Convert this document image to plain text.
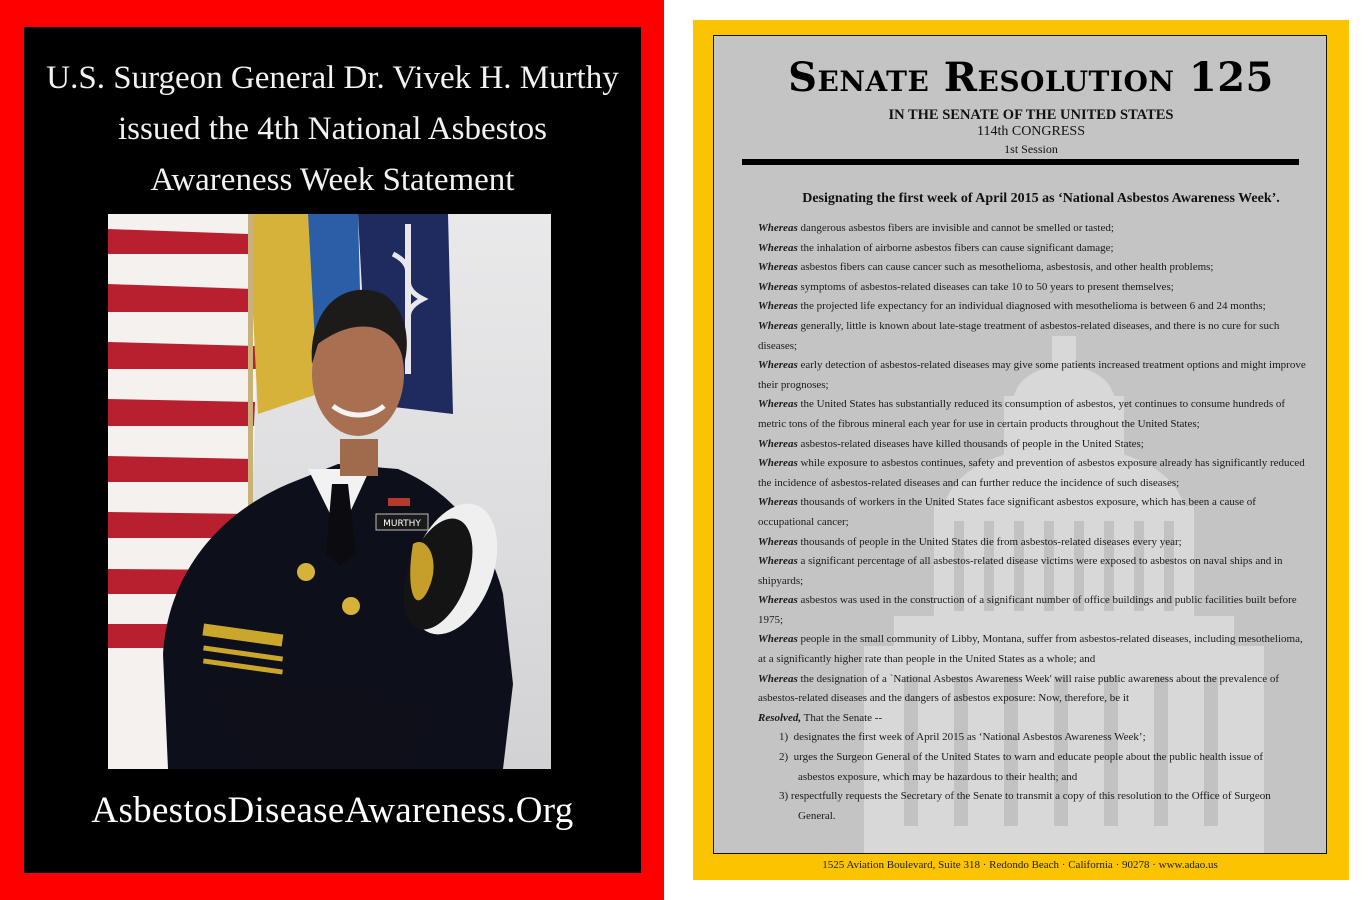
U.S. Surgeon General Dr. Vivek H. Murthy
issued the 4th National Asbestos
Awareness Week Statement
MURTHY
AsbestosDiseaseAwareness.Org
Senate Resolution 125
IN THE SENATE OF THE UNITED STATES
114th CONGRESS
1st Session
Designating the first week of April 2015 as ‘National Asbestos Awareness Week’.

Whereas dangerous asbestos fibers are invisible and cannot be smelled or tasted;

Whereas the inhalation of airborne asbestos fibers can cause significant damage;

Whereas asbestos fibers can cause cancer such as mesothelioma, asbestosis, and other health problems;

Whereas symptoms of asbestos-related diseases can take 10 to 50 years to present themselves;

Whereas the projected life expectancy for an individual diagnosed with mesothelioma is between 6 and 24 months;

Whereas generally, little is known about late-stage treatment of asbestos-related diseases, and there is no cure for such diseases;

Whereas early detection of asbestos-related diseases may give some patients increased treatment options and might improve their prognoses;

Whereas the United States has substantially reduced its consumption of asbestos, yet continues to consume hundreds of metric tons of the fibrous mineral each year for use in certain products throughout the United States;

Whereas asbestos-related diseases have killed thousands of people in the United States;

Whereas while exposure to asbestos continues, safety and prevention of asbestos exposure already has significantly reduced the incidence of asbestos-related diseases and can further reduce the incidence of such diseases;

Whereas thousands of workers in the United States face significant asbestos exposure, which has been a cause of occupational cancer;

Whereas thousands of people in the United States die from asbestos-related diseases every year;

Whereas a significant percentage of all asbestos-related disease victims were exposed to asbestos on naval ships and in shipyards;

Whereas asbestos was used in the construction of a significant number of office buildings and public facilities built before 1975;

Whereas people in the small community of Libby, Montana, suffer from asbestos-related diseases, including mesothelioma, at a significantly higher rate than people in the United States as a whole; and

Whereas the designation of a `National Asbestos Awareness Week' will raise public awareness about the prevalence of asbestos-related diseases and the dangers of asbestos exposure: Now, therefore, be it

Resolved, That the Senate --

1) designates the first week of April 2015 as ‘National Asbestos Awareness Week’;

2) urges the Surgeon General of the United States to warn and educate people about the public health issue of

asbestos exposure, which may be hazardous to their health; and

3) respectfully requests the Secretary of the Senate to transmit a copy of this resolution to the Office of Surgeon

General.

1525 Aviation Boulevard, Suite 318 · Redondo Beach · California · 90278 · www.adao.us
